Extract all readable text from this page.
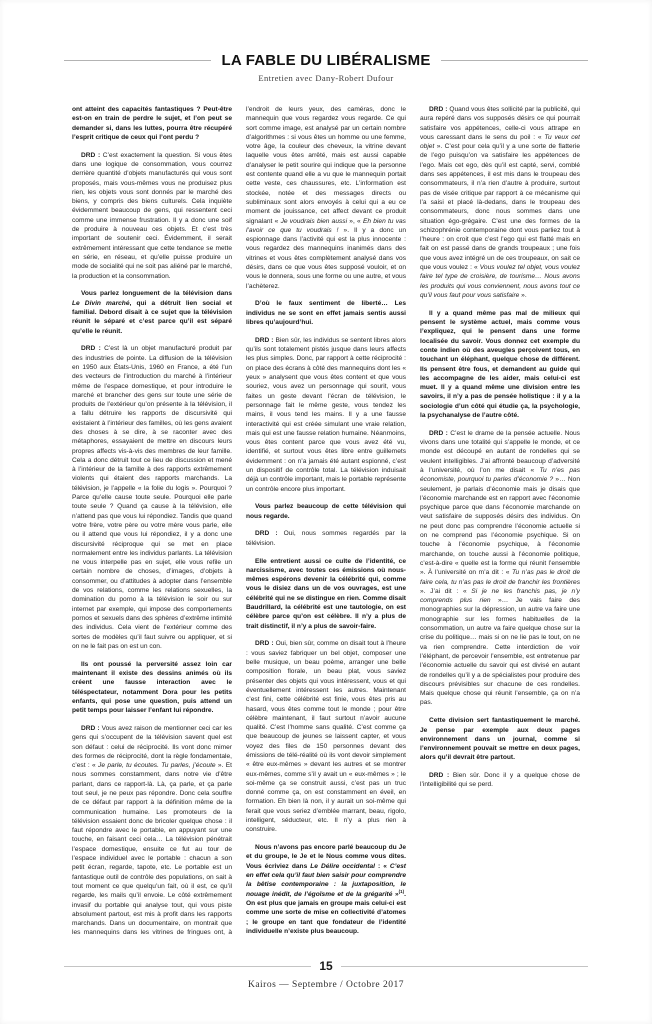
LA FABLE DU LIBÉRALISME
Entretien avec Dany-Robert Dufour

ont atteint des capacités fantastiques ? Peut-être est-on en train de perdre le sujet, et l’on peut se demander si, dans les luttes, pourra être récupéré l’esprit critique de ceux qui l’ont perdu ?

DRD : C’est exactement la question. Si vous êtes dans une logique de consommation, vous courrez derrière quantité d’objets manufacturés qui vous sont proposés, mais vous-mêmes vous ne produisez plus rien, les objets vous sont donnés par le marché des biens, y compris des biens culturels. Cela inquiète évidemment beaucoup de gens, qui ressentent ceci comme une immense frustration. Il y a donc une soif de produire à nouveau ces objets. Et c’est très important de soutenir ceci. Évidemment, il serait extrêmement intéressant que cette tendance se mette en série, en réseau, et qu’elle puisse produire un mode de socialité qui ne soit pas aliéné par le marché, la production et la consommation.

Vous parlez longuement de la télévision dans Le Divin marché, qui a détruit lien social et familial. Debord disait à ce sujet que la télévision réunit le séparé et c’est parce qu’il est séparé qu’elle le réunit.

DRD : C’est là un objet manufacturé produit par des industries de pointe. La diffusion de la télévision en 1950 aux États-Unis, 1960 en France, a été l’un des vecteurs de l’introduction du marché à l’intérieur même de l’espace domestique, et pour introduire le marché et brancher des gens sur toute une série de produits de l’extérieur qu’on présente à la télévision, il a fallu détruire les rapports de discursivité qui existaient à l’intérieur des familles, où les gens avaient des choses à se dire, à se raconter avec des métaphores, essayaient de mettre en discours leurs propres affects vis-à-vis des membres de leur famille. Cela a donc détruit tout ce lieu de discussion et mené à l’intérieur de la famille à des rapports extrêmement violents qui étaient des rapports marchands. La télévision, je l’appelle « la folie du logis ». Pourquoi ? Parce qu’elle cause toute seule. Pourquoi elle parle toute seule ? Quand ça cause à la télévision, elle n’attend pas que vous lui répondiez. Tandis que quand votre frère, votre père ou votre mère vous parle, elle ou il attend que vous lui répondiez, il y a donc une discursivité réciproque qui se met en place normalement entre les individus parlants. La télévision ne vous interpelle pas en sujet, elle vous refile un certain nombre de choses, d’images, d’objets à consommer, ou d’attitudes à adopter dans l’ensemble de vos relations, comme les relations sexuelles, la domination du porno à la télévision le soir ou sur internet par exemple, qui impose des comportements pornos et sexuels dans des sphères d’extrême intimité des individus. Cela vient de l’extérieur comme des sortes de modèles qu’il faut suivre ou appliquer, et si on ne le fait pas on est un con.

Ils ont poussé la perversité assez loin car maintenant il existe des dessins animés où ils créent une fausse interaction avec le téléspectateur, notamment Dora pour les petits enfants, qui pose une question, puis attend un petit temps pour laisser l’enfant lui répondre.

DRD : Vous avez raison de mentionner ceci car les gens qui s’occupent de la télévision savent quel est son défaut : celui de réciprocité. Ils vont donc mimer des formes de réciprocité, dont la règle fondamentale, c’est : « Je parle, tu écoutes. Tu parles, j’écoute ». Et nous sommes constamment, dans notre vie d’être parlant, dans ce rapport-là. Là, ça parle, et ça parle tout seul, je ne peux pas répondre. Donc cela souffre de ce défaut par rapport à la définition même de la communication humaine. Les promoteurs de la télévision essaient donc de bricoler quelque chose : il faut répondre avec le portable, en appuyant sur une touche, en faisant ceci cela… La télévision pénétrait l’espace domestique, ensuite ce fut au tour de l’espace individuel avec le portable : chacun a son petit écran, regarde, tapote, etc. Le portable est un fantastique outil de contrôle des populations, on sait à tout moment ce que quelqu’un fait, où il est, ce qu’il regarde, les mails qu’il envoie. Le côté extrêmement invasif du portable qui analyse tout, qui vous piste absolument partout, est mis à profit dans les rapports marchands. Dans un documentaire, on montrait que les mannequins dans les vitrines de fringues ont, à l’endroit de leurs yeux, des caméras, donc le mannequin que vous regardez vous regarde. Ce qui sort comme image, est analysé par un certain nombre d’algorithmes : si vous êtes un homme ou une femme, votre âge, la couleur des cheveux, la vitrine devant laquelle vous êtes arrêté, mais est aussi capable d’analyser le petit sourire qui indique que la personne est contente quand elle a vu que le mannequin portait cette veste, ces chaussures, etc. L’information est stockée, notée et des messages directs ou subliminaux sont alors envoyés à celui qui a eu ce moment de jouissance, cet affect devant ce produit signalant « Je voudrais bien aussi », « Eh bien tu vas l’avoir ce que tu voudrais ! ». Il y a donc un espionnage dans l’activité qui est la plus innocente : vous regardez des mannequins inanimés dans des vitrines et vous êtes complètement analysé dans vos désirs, dans ce que vous êtes supposé vouloir, et on vous le donnera, sous une forme ou une autre, et vous l’achèterez.

D’où le faux sentiment de liberté… Les individus ne se sont en effet jamais sentis aussi libres qu’aujourd’hui.

DRD : Bien sûr, les individus se sentent libres alors qu’ils sont totalement pistés jusque dans leurs affects les plus simples. Donc, par rapport à cette réciprocité : on place des écrans à côté des mannequins dont les « yeux » analysent que vous êtes content et que vous souriez, vous avez un personnage qui sourit, vous faites un geste devant l’écran de télévision, le personnage fait le même geste, vous tendez les mains, il vous tend les mains. Il y a une fausse interactivité qui est créée simulant une vraie relation, mais qui est une fausse relation humaine. Néanmoins, vous êtes content parce que vous avez été vu, identifié, et surtout vous êtes libre entre guillemets évidemment : on n’a jamais été autant espionné, c’est un dispositif de contrôle total. La télévision induisait déjà un contrôle important, mais le portable représente un contrôle encore plus important.

Vous parlez beaucoup de cette télévision qui nous regarde.

DRD : Oui, nous sommes regardés par la télévision.

Elle entretient aussi ce culte de l’identité, ce narcissisme, avec toutes ces émissions où nous-mêmes espérons devenir la célébrité qui, comme vous le disiez dans un de vos ouvrages, est une célébrité qui ne se distingue en rien. Comme disait Baudrillard, la célébrité est une tautologie, on est célèbre parce qu’on est célèbre. Il n’y a plus de trait distinctif, il n’y a plus de savoir-faire.

DRD : Oui, bien sûr, comme on disait tout à l’heure : vous saviez fabriquer un bel objet, composer une belle musique, un beau poème, arranger une belle composition florale, un beau plat, vous saviez présenter des objets qui vous intéressent, vous et qui éventuellement intéressent les autres. Maintenant c’est fini, cette célébrité est finie, vous êtes pris au hasard, vous êtes comme tout le monde ; pour être célèbre maintenant, il faut surtout n’avoir aucune qualité. C’est l’homme sans qualité. C’est comme ça que beaucoup de jeunes se laissent capter, et vous voyez des files de 150 personnes devant des émissions de télé-réalité où ils vont devoir simplement « être eux-mêmes » devant les autres et se montrer eux-mêmes, comme s’il y avait un « eux-mêmes » ; le soi-même ça se construit aussi, c’est pas un truc donné comme ça, on est constamment en éveil, en formation. Eh bien là non, il y aurait un soi-même qui ferait que vous seriez d’emblée marrant, beau, rigolo, intelligent, séducteur, etc. Il n’y a plus rien à construire.

Nous n’avons pas encore parlé beaucoup du Je et du groupe, le Je et le Nous comme vous dites. Vous écriviez dans Le Délire occidental : « C’est en effet cela qu’il faut bien saisir pour comprendre la bêtise contemporaine : la juxtaposition, le nouage inédit, de l’égoïsme et de la grégarité »$^{(1)}$. On est plus que jamais en groupe mais celui-ci est comme une sorte de mise en collectivité d’atomes ; le groupe en tant que fondateur de l’identité individuelle n’existe plus beaucoup.

DRD : Quand vous êtes sollicité par la publicité, qui aura repéré dans vos supposés désirs ce qui pourrait satisfaire vos appétences, celle-ci vous attrape en vous caressant dans le sens du poil : « Tu veux cet objet ». C’est pour cela qu’il y a une sorte de flatterie de l’ego puisqu’on va satisfaire les appétences de l’ego. Mais cet ego, dès qu’il est capté, servi, comblé dans ses appétences, il est mis dans le troupeau des consommateurs, il n’a rien d’autre à produire, surtout pas de visée critique par rapport à ce mécanisme qui l’a saisi et placé là-dedans, dans le troupeau des consommateurs, donc nous sommes dans une situation égo-grégaire. C’est une des formes de la schizophrénie contemporaine dont vous parliez tout à l’heure : on croit que c’est l’ego qui est flatté mais en fait on est passé dans de grands troupeaux ; une fois que vous avez intégré un de ces troupeaux, on sait ce que vous voulez : « Vous voulez tel objet, vous voulez faire tel type de croisière, de tourisme… Nous avons les produits qui vous conviennent, nous avons tout ce qu’il vous faut pour vous satisfaire ».

Il y a quand même pas mal de milieux qui pensent le système actuel, mais comme vous l’expliquez, qui le pensent dans une forme localisée du savoir. Vous donnez cet exemple du conte indien où des aveugles perçoivent tous, en touchant un éléphant, quelque chose de différent. Ils pensent être fous, et demandent au guide qui les accompagne de les aider, mais celui-ci est muet. Il y a quand même une division entre les savoirs, il n’y a pas de pensée holistique : il y a la sociologie d’un côté qui étudie ça, la psychologie, la psychanalyse de l’autre côté.

DRD : C’est le drame de la pensée actuelle. Nous vivons dans une totalité qui s’appelle le monde, et ce monde est découpé en autant de rondelles qui se veulent intelligibles. J’ai affronté beaucoup d’adversité à l’université, où l’on me disait « Tu n’es pas économiste, pourquoi tu parles d’économie ? »… Non seulement, je parlais d’économie mais je disais que l’économie marchande est en rapport avec l’économie psychique parce que dans l’économie marchande on veut satisfaire de supposés désirs des individus. On ne peut donc pas comprendre l’économie actuelle si on ne comprend pas l’économie psychique. Si on touche à l’économie psychique, à l’économie marchande, on touche aussi à l’économie politique, c’est-à-dire « quelle est la forme qui réunit l’ensemble ». À l’université on m’a dit : « Tu n’as pas le droit de faire cela, tu n’as pas le droit de franchir les frontières ». J’ai dit : « Si je ne les franchis pas, je n’y comprends plus rien »… Je vais faire des monographies sur la dépression, un autre va faire une monographie sur les formes habituelles de la consommation, un autre va faire quelque chose sur la crise du politique… mais si on ne lie pas le tout, on ne va rien comprendre. Cette interdiction de voir l’éléphant, de percevoir l’ensemble, est entretenue par l’économie actuelle du savoir qui est divisé en autant de rondelles qu’il y a de spécialistes pour produire des discours prévisibles sur chacune de ces rondelles. Mais quelque chose qui réunit l’ensemble, ça on n’a pas.

Cette division sert fantastiquement le marché. Je pense par exemple aux deux pages environnement dans un journal, comme si l’environnement pouvait se mettre en deux pages, alors qu’il devrait être partout.

DRD : Bien sûr. Donc il y a quelque chose de l’intelligibilité qui se perd.

15
Kairos — Septembre / Octobre 2017
